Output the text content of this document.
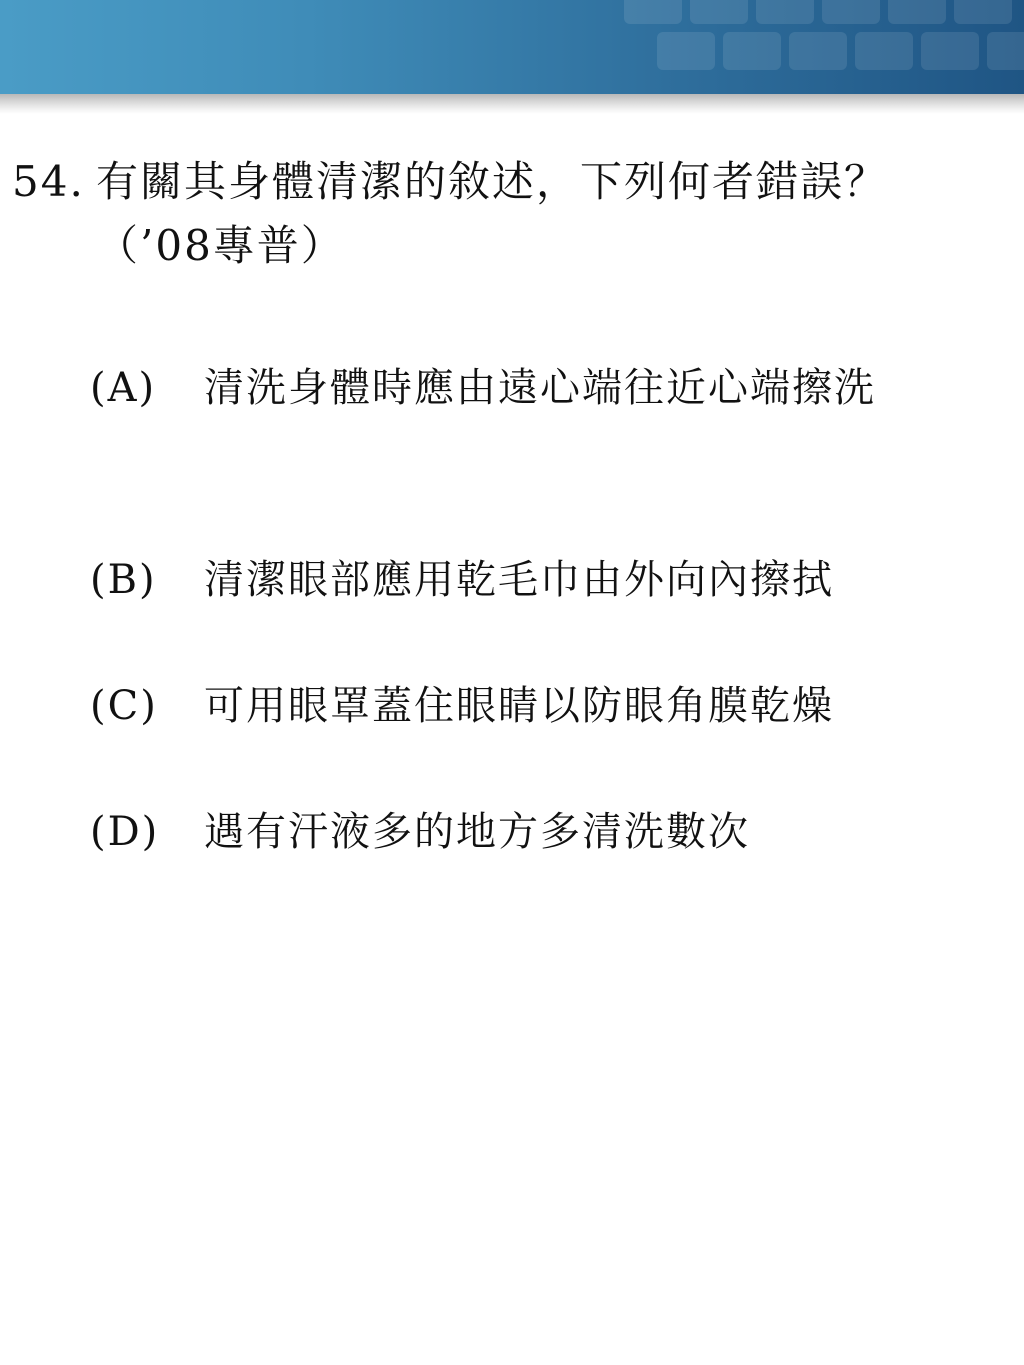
54. 有關其身體清潔的敘述，下列何者錯誤？（’08專普）
(A) 清洗身體時應由遠心端往近心端擦洗
(B) 清潔眼部應用乾毛巾由外向內擦拭
(C) 可用眼罩蓋住眼睛以防眼角膜乾燥
(D) 遇有汗液多的地方多清洗數次
